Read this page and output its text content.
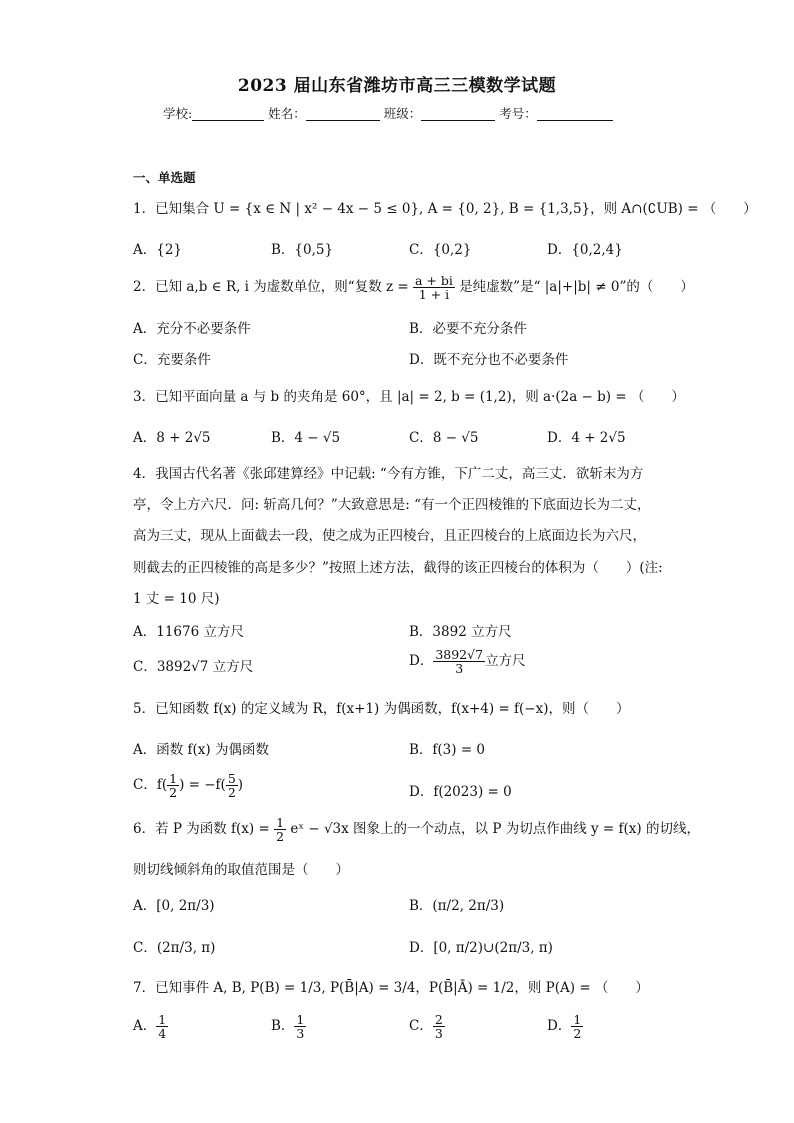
2023 届山东省潍坊市高三三模数学试题
学校:	姓名：	班级：	考号：
一、单选题
1．已知集合 U = {x ∈ N | x² − 4x − 5 ≤ 0}, A = {0, 2}, B = {1,3,5}，则 A∩(∁UB) = （　　）
A．{2}	B．{0,5}	C．{0,2}	D．{0,2,4}
2．已知 a,b ∈ R, i 为虚数单位，则“复数 $z = \frac{a + bi}{1 + i}$ 是纯虚数”是“ |a|+|b| ≠ 0”的（　　）
A．充分不必要条件	B．必要不充分条件
C．充要条件	D．既不充分也不必要条件
3．已知平面向量 a 与 b 的夹角是 60°，且 |a| = 2, b = (1,2)，则 a·(2a − b) = （　　）
A．8 + 2√5	B．4 − √5	C．8 − √5	D．4 + 2√5
4．我国古代名著《张邱建算经》中记载: “今有方锥，下广二丈，高三丈．欲斩末为方
亭，令上方六尺．问: 斩高几何？”大致意思是: “有一个正四棱锥的下底面边长为二丈，
高为三丈，现从上面截去一段，使之成为正四棱台，且正四棱台的上底面边长为六尺，
则截去的正四棱锥的高是多少？”按照上述方法，截得的该正四棱台的体积为（　　）(注:
1 丈 = 10 尺)
A．11676 立方尺	B．3892 立方尺
C．3892√7 立方尺	D． $\frac{3892√7}{3}$ 立方尺
5．已知函数 f(x) 的定义域为 R，f(x+1) 为偶函数，f(x+4) = f(−x)，则（　　）
A．函数 f(x) 为偶函数	B．f(3) = 0
C．$f( \frac{1}{2}$ ) = $-f( \frac{5}{2}$ )	D．f(2023) = 0
6．若 P 为函数 $f(x) = \frac{1}{2}$ eˣ − √3x 图象上的一个动点，以 P 为切点作曲线 y = f(x) 的切线，
则切线倾斜角的取值范围是（　　）
A．[0, 2π/3)	B．(π/2, 2π/3)
C．(2π/3, π)	D．[0, π/2)∪(2π/3, π)
7．已知事件 A, B, P(B) = 1/3, P(B̄|A) = 3/4，P(B̄|Ā) = 1/2，则 P(A) = （　　）
A． $\frac{1}{4}$	B． $\frac{1}{3}$	C． $\frac{2}{3}$	D． $\frac{1}{2}$
